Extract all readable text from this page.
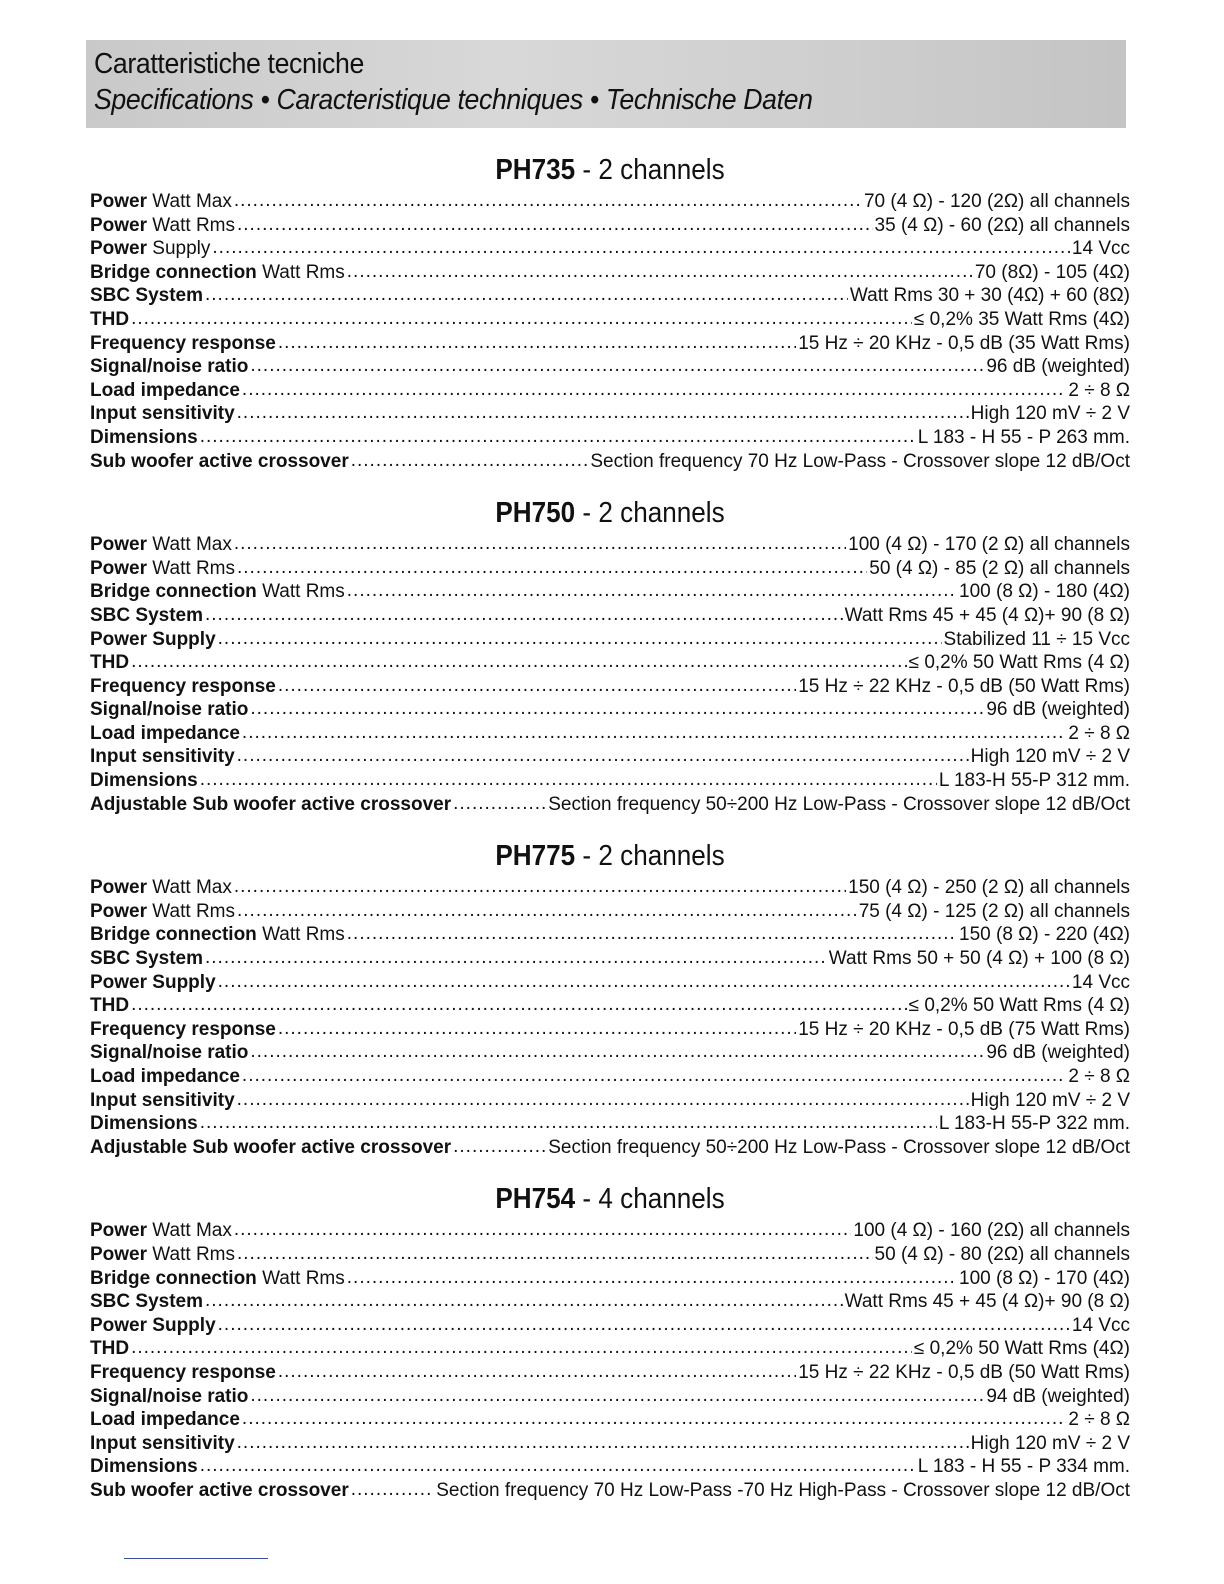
Caratteristiche tecniche
Specifications • Caracteristique techniques • Technische Daten
PH735 - 2 channels
Power Watt Max .....	70 (4 Ω) - 120 (2Ω) all channels
Power Watt Rms .....	35 (4 Ω) - 60 (2Ω) all channels
Power Supply .....	14 Vcc
Bridge connection Watt Rms .....	70 (8Ω) - 105 (4Ω)
SBC System .....	Watt Rms 30 + 30 (4Ω) + 60 (8Ω)
THD .....	≤ 0,2% 35 Watt Rms (4Ω)
Frequency response .....	15 Hz ÷ 20 KHz - 0,5 dB (35 Watt Rms)
Signal/noise ratio .....	96 dB (weighted)
Load impedance .....	2 ÷ 8 Ω
Input sensitivity .....	High 120 mV ÷ 2 V
Dimensions .....	L 183 - H 55 - P 263 mm.
Sub woofer active crossover .....	Section frequency 70 Hz Low-Pass - Crossover slope 12 dB/Oct
PH750 - 2 channels
Power Watt Max .....	100 (4 Ω) - 170 (2 Ω) all channels
Power Watt Rms .....	50 (4 Ω) - 85 (2 Ω) all channels
Bridge connection Watt Rms .....	100 (8 Ω) - 180 (4Ω)
SBC System .....	Watt Rms 45 + 45 (4 Ω)+ 90 (8 Ω)
Power Supply .....	Stabilized 11 ÷ 15 Vcc
THD .....	≤ 0,2% 50 Watt Rms (4 Ω)
Frequency response .....	15 Hz ÷ 22 KHz - 0,5 dB (50 Watt Rms)
Signal/noise ratio .....	96 dB (weighted)
Load impedance .....	2 ÷ 8 Ω
Input sensitivity .....	High 120 mV ÷ 2 V
Dimensions .....	L 183-H 55-P 312 mm.
Adjustable Sub woofer active crossover .....	Section frequency 50÷200 Hz Low-Pass - Crossover slope 12 dB/Oct
PH775 - 2 channels
Power Watt Max .....	150 (4 Ω) - 250 (2 Ω) all channels
Power Watt Rms .....	75 (4 Ω) - 125 (2 Ω) all channels
Bridge connection Watt Rms .....	150 (8 Ω) - 220 (4Ω)
SBC System .....	Watt Rms 50 + 50 (4 Ω) + 100 (8 Ω)
Power Supply .....	14 Vcc
THD .....	≤ 0,2% 50 Watt Rms (4 Ω)
Frequency response .....	15 Hz ÷ 20 KHz - 0,5 dB (75 Watt Rms)
Signal/noise ratio .....	96 dB (weighted)
Load impedance .....	2 ÷ 8 Ω
Input sensitivity .....	High 120 mV ÷ 2 V
Dimensions .....	L 183-H 55-P 322 mm.
Adjustable Sub woofer active crossover .....	Section frequency 50÷200 Hz Low-Pass - Crossover slope 12 dB/Oct
PH754 - 4 channels
Power Watt Max .....	100 (4 Ω) - 160 (2Ω) all channels
Power Watt Rms .....	50 (4 Ω) - 80 (2Ω) all channels
Bridge connection Watt Rms .....	100 (8 Ω) - 170 (4Ω)
SBC System .....	Watt Rms 45 + 45 (4 Ω)+ 90 (8 Ω)
Power Supply .....	14 Vcc
THD .....	≤ 0,2% 50 Watt Rms (4Ω)
Frequency response .....	15 Hz ÷ 22 KHz - 0,5 dB (50 Watt Rms)
Signal/noise ratio .....	94 dB (weighted)
Load impedance .....	2 ÷ 8 Ω
Input sensitivity .....	High 120 mV ÷ 2 V
Dimensions .....	L 183 - H 55 - P 334 mm.
Sub woofer active crossover .....	Section frequency 70 Hz Low-Pass -70 Hz High-Pass - Crossover slope 12 dB/Oct
